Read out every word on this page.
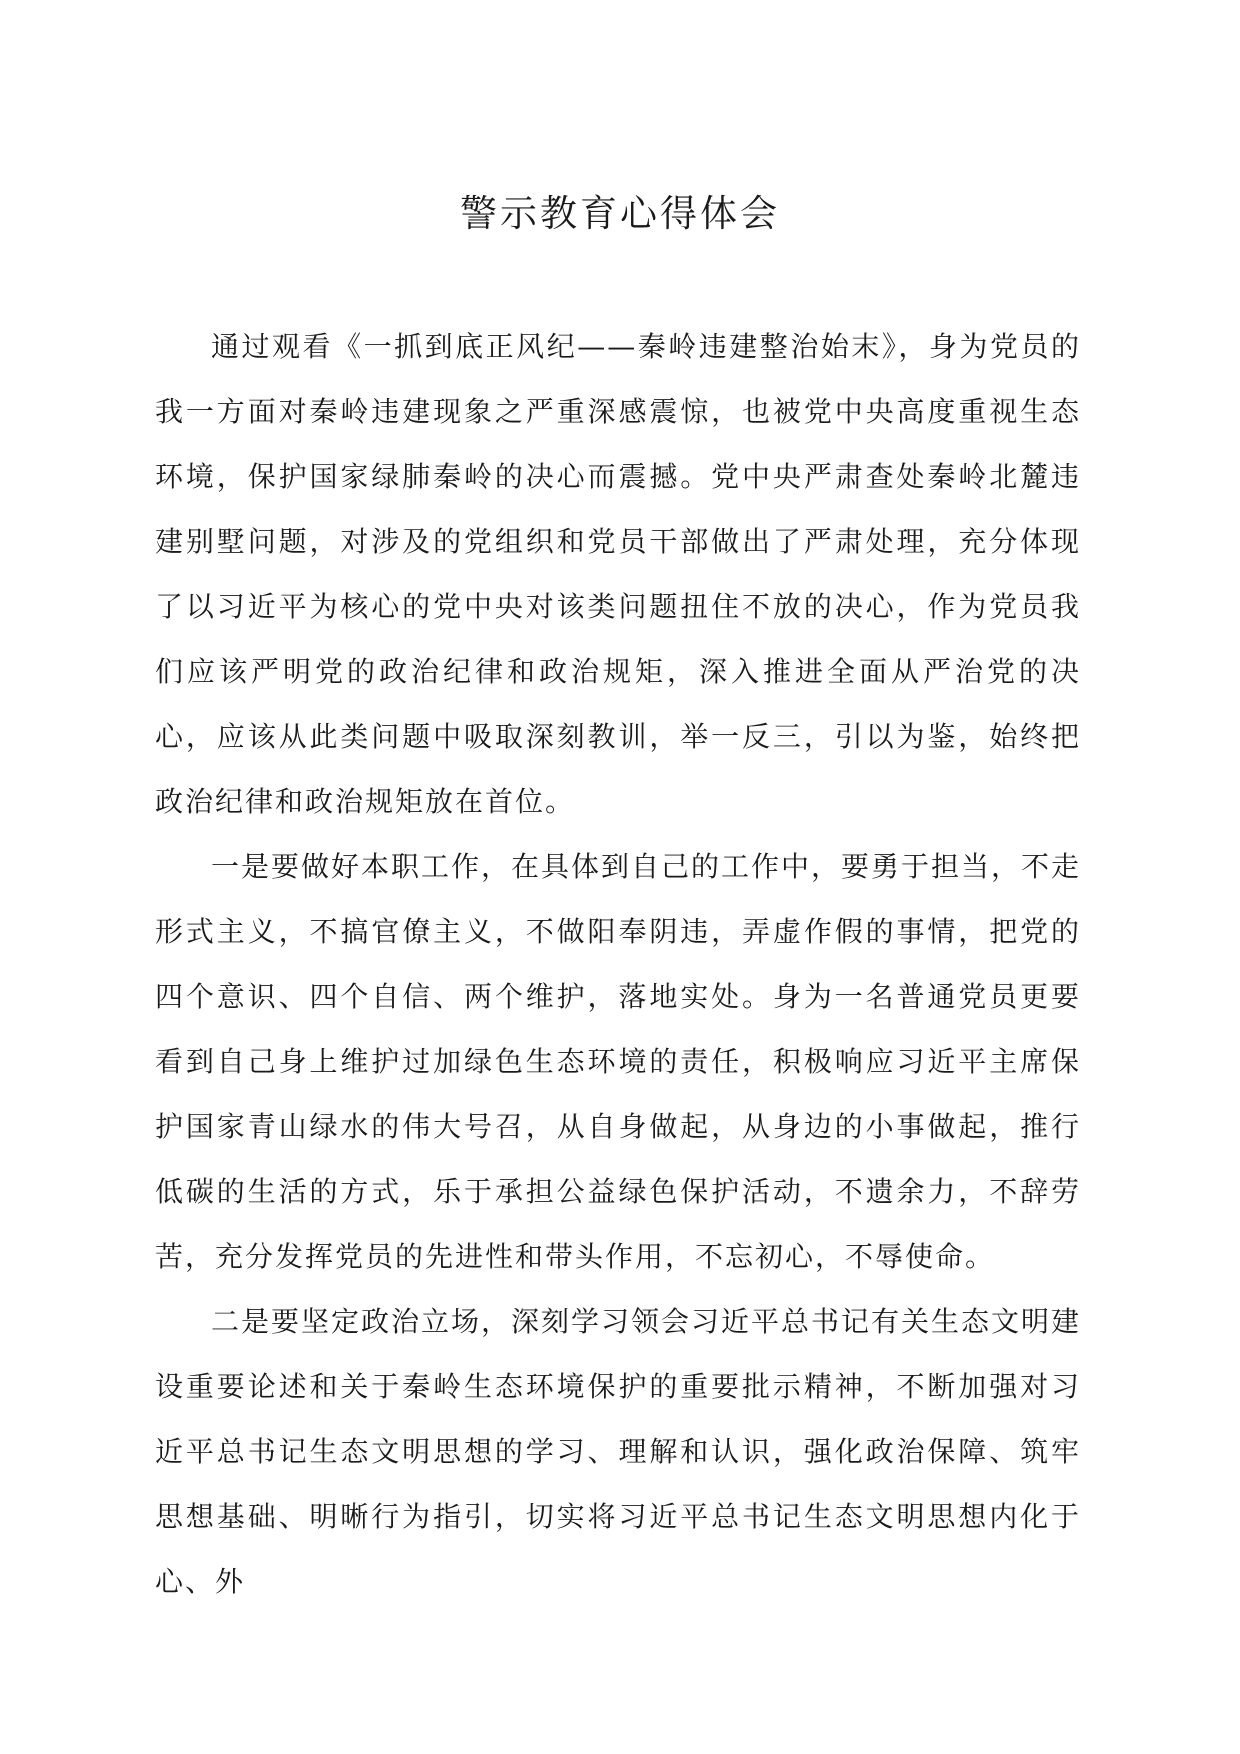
警示教育心得体会

通过观看《一抓到底正风纪——秦岭违建整治始末》，身为党员的我一方面对秦岭违建现象之严重深感震惊，也被党中央高度重视生态环境，保护国家绿肺秦岭的决心而震撼。党中央严肃查处秦岭北麓违建别墅问题，对涉及的党组织和党员干部做出了严肃处理，充分体现了以习近平为核心的党中央对该类问题扭住不放的决心，作为党员我们应该严明党的政治纪律和政治规矩，深入推进全面从严治党的决心，应该从此类问题中吸取深刻教训，举一反三，引以为鉴，始终把政治纪律和政治规矩放在首位。

一是要做好本职工作，在具体到自己的工作中，要勇于担当，不走形式主义，不搞官僚主义，不做阳奉阴违，弄虚作假的事情，把党的四个意识、四个自信、两个维护，落地实处。身为一名普通党员更要看到自己身上维护过加绿色生态环境的责任，积极响应习近平主席保护国家青山绿水的伟大号召，从自身做起，从身边的小事做起，推行低碳的生活的方式，乐于承担公益绿色保护活动，不遗余力，不辞劳苦，充分发挥党员的先进性和带头作用，不忘初心，不辱使命。

二是要坚定政治立场，深刻学习领会习近平总书记有关生态文明建设重要论述和关于秦岭生态环境保护的重要批示精神，不断加强对习近平总书记生态文明思想的学习、理解和认识，强化政治保障、筑牢思想基础、明晰行为指引，切实将习近平总书记生态文明思想内化于心、外
